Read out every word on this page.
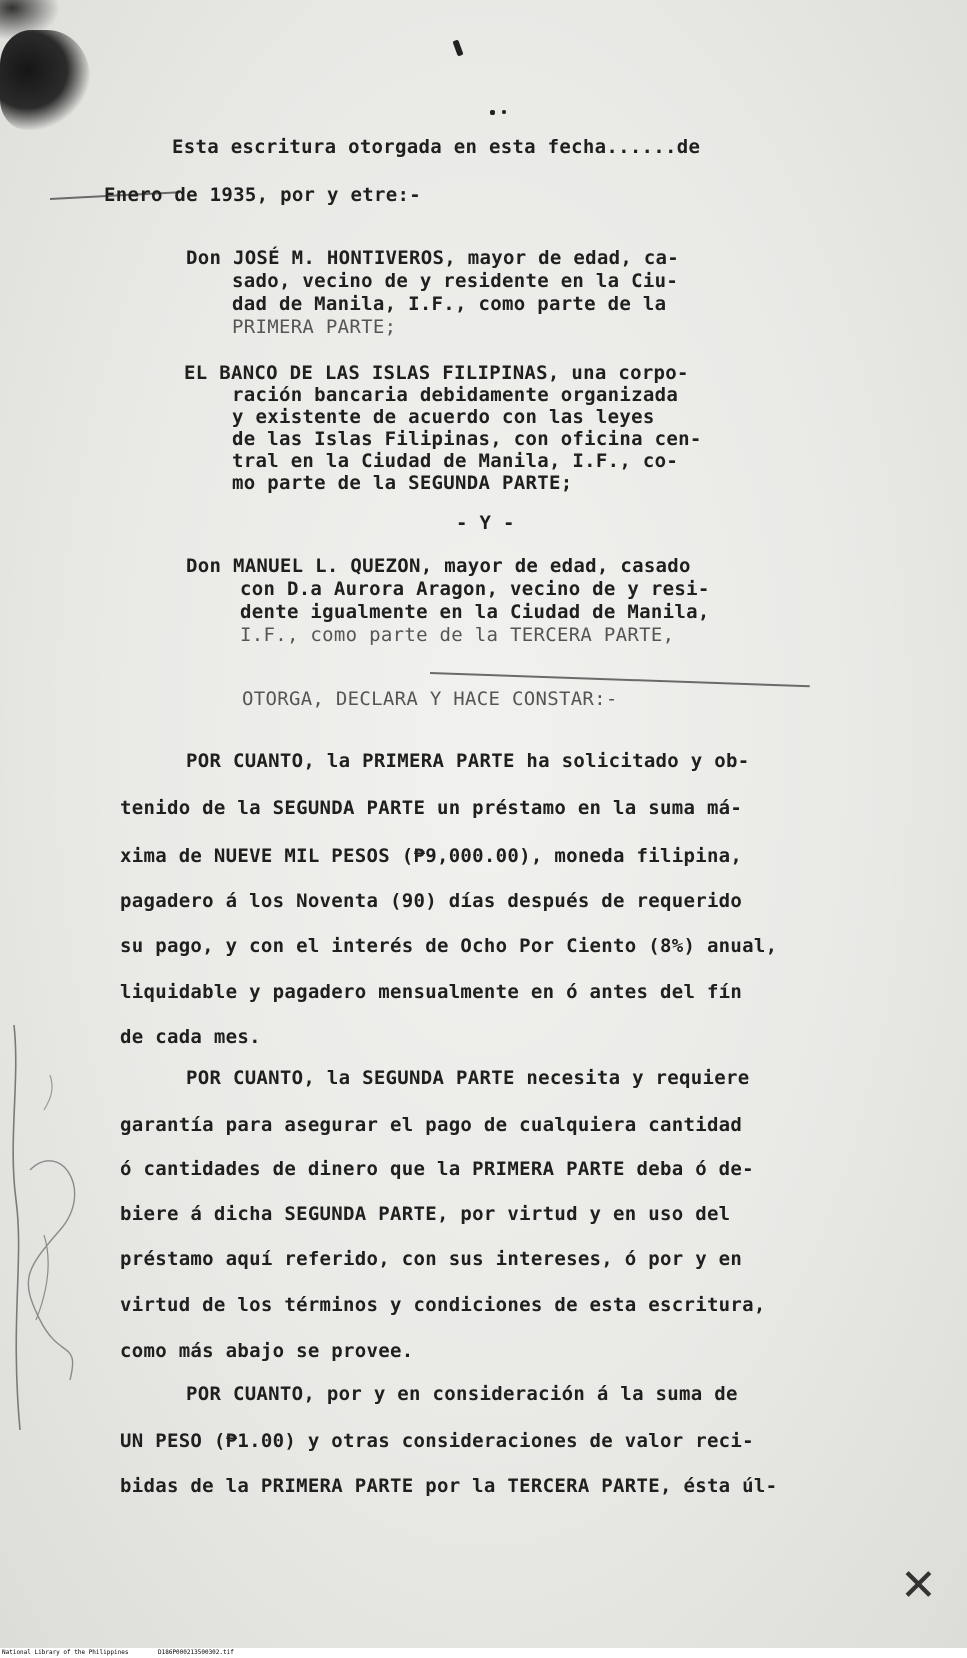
Esta escritura otorgada en esta fecha......de
Enero de 1935, por y etre:-
Don JOSÉ M. HONTIVEROS, mayor de edad, ca-
sado, vecino de y residente en la Ciu-
dad de Manila, I.F., como parte de la
PRIMERA PARTE;
EL BANCO DE LAS ISLAS FILIPINAS, una corpo-
ración bancaria debidamente organizada
y existente de acuerdo con las leyes
de las Islas Filipinas, con oficina cen-
tral en la Ciudad de Manila, I.F., co-
mo parte de la SEGUNDA PARTE;
- Y -
Don MANUEL L. QUEZON, mayor de edad, casado
con D.a Aurora Aragon, vecino de y resi-
dente igualmente en la Ciudad de Manila,
I.F., como parte de la TERCERA PARTE,
OTORGA, DECLARA Y HACE CONSTAR:-
POR CUANTO, la PRIMERA PARTE ha solicitado y ob-
tenido de la SEGUNDA PARTE un préstamo en la suma má-
xima de NUEVE MIL PESOS (₱9,000.00), moneda filipina,
pagadero á los Noventa (90) días después de requerido
su pago, y con el interés de Ocho Por Ciento (8%) anual,
liquidable y pagadero mensualmente en ó antes del fín
de cada mes.
POR CUANTO, la SEGUNDA PARTE necesita y requiere
garantía para asegurar el pago de cualquiera cantidad
ó cantidades de dinero que la PRIMERA PARTE deba ó de-
biere á dicha SEGUNDA PARTE, por virtud y en uso del
préstamo aquí referido, con sus intereses, ó por y en
virtud de los términos y condiciones de esta escritura,
como más abajo se provee.
POR CUANTO, por y en consideración á la suma de
UN PESO (₱1.00) y otras consideraciones de valor reci-
bidas de la PRIMERA PARTE por la TERCERA PARTE, ésta úl-
✕
National Library of the Philippines	D186P000213500302.tif
